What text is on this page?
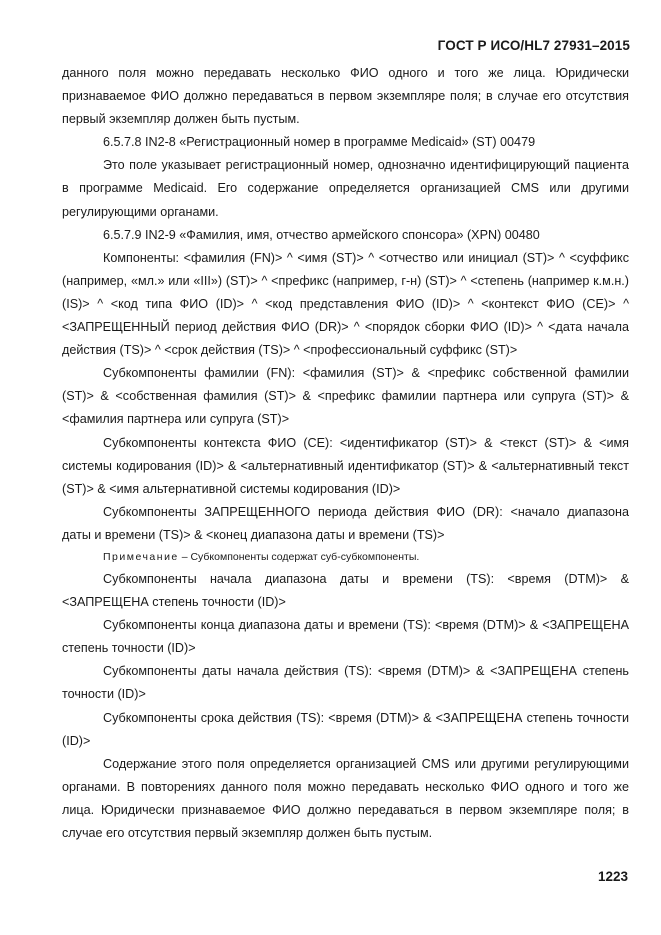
ГОСТ Р ИСО/HL7 27931–2015

данного поля можно передавать несколько ФИО одного и того же лица. Юридически признаваемое ФИО должно передаваться в первом экземпляре поля; в случае его отсутствия первый экземпляр должен быть пустым.

6.5.7.8 IN2-8 «Регистрационный номер в программе Medicaid» (ST) 00479

Это поле указывает регистрационный номер, однозначно идентифицирующий пациента в программе Medicaid. Его содержание определяется организацией CMS или другими регулирующими органами.

6.5.7.9 IN2-9 «Фамилия, имя, отчество армейского спонсора» (XPN) 00480

Компоненты: <фамилия (FN)> ^ <имя (ST)> ^ <отчество или инициал (ST)> ^ <суффикс (например, «мл.» или «III») (ST)> ^ <префикс (например, г-н) (ST)> ^ <степень (например к.м.н.) (IS)> ^ <код типа ФИО (ID)> ^ <код представления ФИО (ID)> ^ <контекст ФИО (CE)> ^ <ЗАПРЕЩЕННЫЙ период действия ФИО (DR)> ^ <порядок сборки ФИО (ID)> ^ <дата начала действия (TS)> ^ <срок действия (TS)> ^ <профессиональный суффикс (ST)>

Субкомпоненты фамилии (FN): <фамилия (ST)> & <префикс собственной фамилии (ST)> & <собственная фамилия (ST)> & <префикс фамилии партнера или супруга (ST)> & <фамилия партнера или супруга (ST)>

Субкомпоненты контекста ФИО (CE): <идентификатор (ST)> & <текст (ST)> & <имя системы кодирования (ID)> & <альтернативный идентификатор (ST)> & <альтернативный текст (ST)> & <имя альтернативной системы кодирования (ID)>

Субкомпоненты ЗАПРЕЩЕННОГО периода действия ФИО (DR): <начало диапазона даты и времени (TS)> & <конец диапазона даты и времени (TS)>

Примечание – Субкомпоненты содержат суб-субкомпоненты.

Субкомпоненты начала диапазона даты и времени (TS): <время (DTM)> & <ЗАПРЕЩЕНА степень точности (ID)>

Субкомпоненты конца диапазона даты и времени (TS): <время (DTM)> & <ЗАПРЕЩЕНА степень точности (ID)>

Субкомпоненты даты начала действия (TS): <время (DTM)> & <ЗАПРЕЩЕНА степень точности (ID)>

Субкомпоненты срока действия (TS): <время (DTM)> & <ЗАПРЕЩЕНА степень точности (ID)>

Содержание этого поля определяется организацией CMS или другими регулирующими органами. В повторениях данного поля можно передавать несколько ФИО одного и того же лица. Юридически признаваемое ФИО должно передаваться в первом экземпляре поля; в случае его отсутствия первый экземпляр должен быть пустым.

1223
